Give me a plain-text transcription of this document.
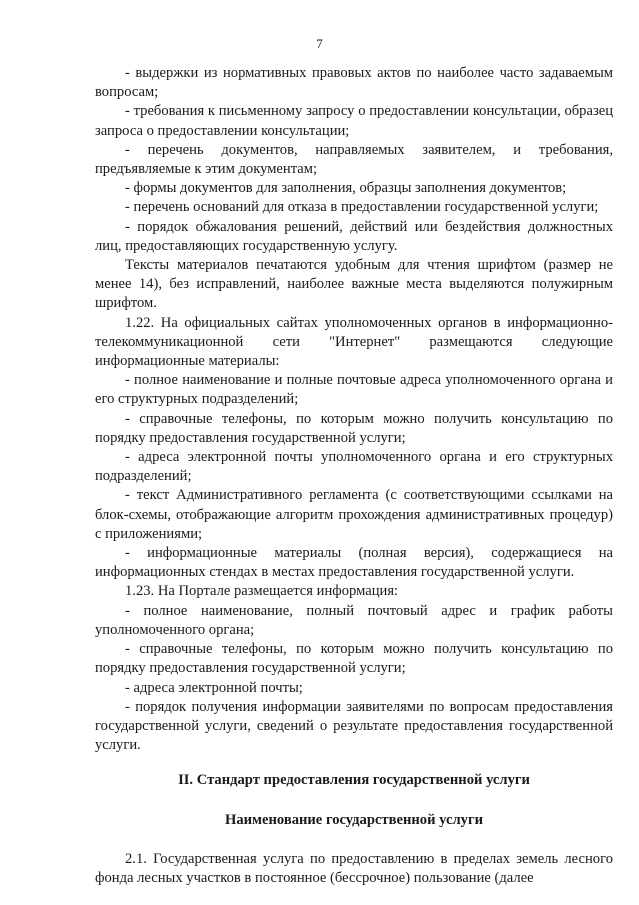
7

- выдержки из нормативных правовых актов по наиболее часто задаваемым вопросам;

- требования к письменному запросу о предоставлении консультации, образец запроса о предоставлении консультации;

- перечень документов, направляемых заявителем, и требования, предъявляемые к этим документам;

- формы документов для заполнения, образцы заполнения документов;

- перечень оснований для отказа в предоставлении государственной услуги;

- порядок обжалования решений, действий или бездействия должностных лиц, предоставляющих государственную услугу.

Тексты материалов печатаются удобным для чтения шрифтом (размер не менее 14), без исправлений, наиболее важные места выделяются полужирным шрифтом.

1.22. На официальных сайтах уполномоченных органов в информационно-телекоммуникационной сети "Интернет" размещаются следующие информационные материалы:

- полное наименование и полные почтовые адреса уполномоченного органа и его структурных подразделений;

- справочные телефоны, по которым можно получить консультацию по порядку предоставления государственной услуги;

- адреса электронной почты уполномоченного органа и его структурных подразделений;

- текст Административного регламента (с соответствующими ссылками на блок-схемы, отображающие алгоритм прохождения административных процедур) с приложениями;

- информационные материалы (полная версия), содержащиеся на информационных стендах в местах предоставления государственной услуги.

1.23. На Портале размещается информация:

- полное наименование, полный почтовый адрес и график работы уполномоченного органа;

- справочные телефоны, по которым можно получить консультацию по порядку предоставления государственной услуги;

- адреса электронной почты;

- порядок получения информации заявителями по вопросам предоставления государственной услуги, сведений о результате предоставления государственной услуги.

II. Стандарт предоставления государственной услуги

Наименование государственной услуги

2.1. Государственная услуга по предоставлению в пределах земель лесного фонда лесных участков в постоянное (бессрочное) пользование (далее
